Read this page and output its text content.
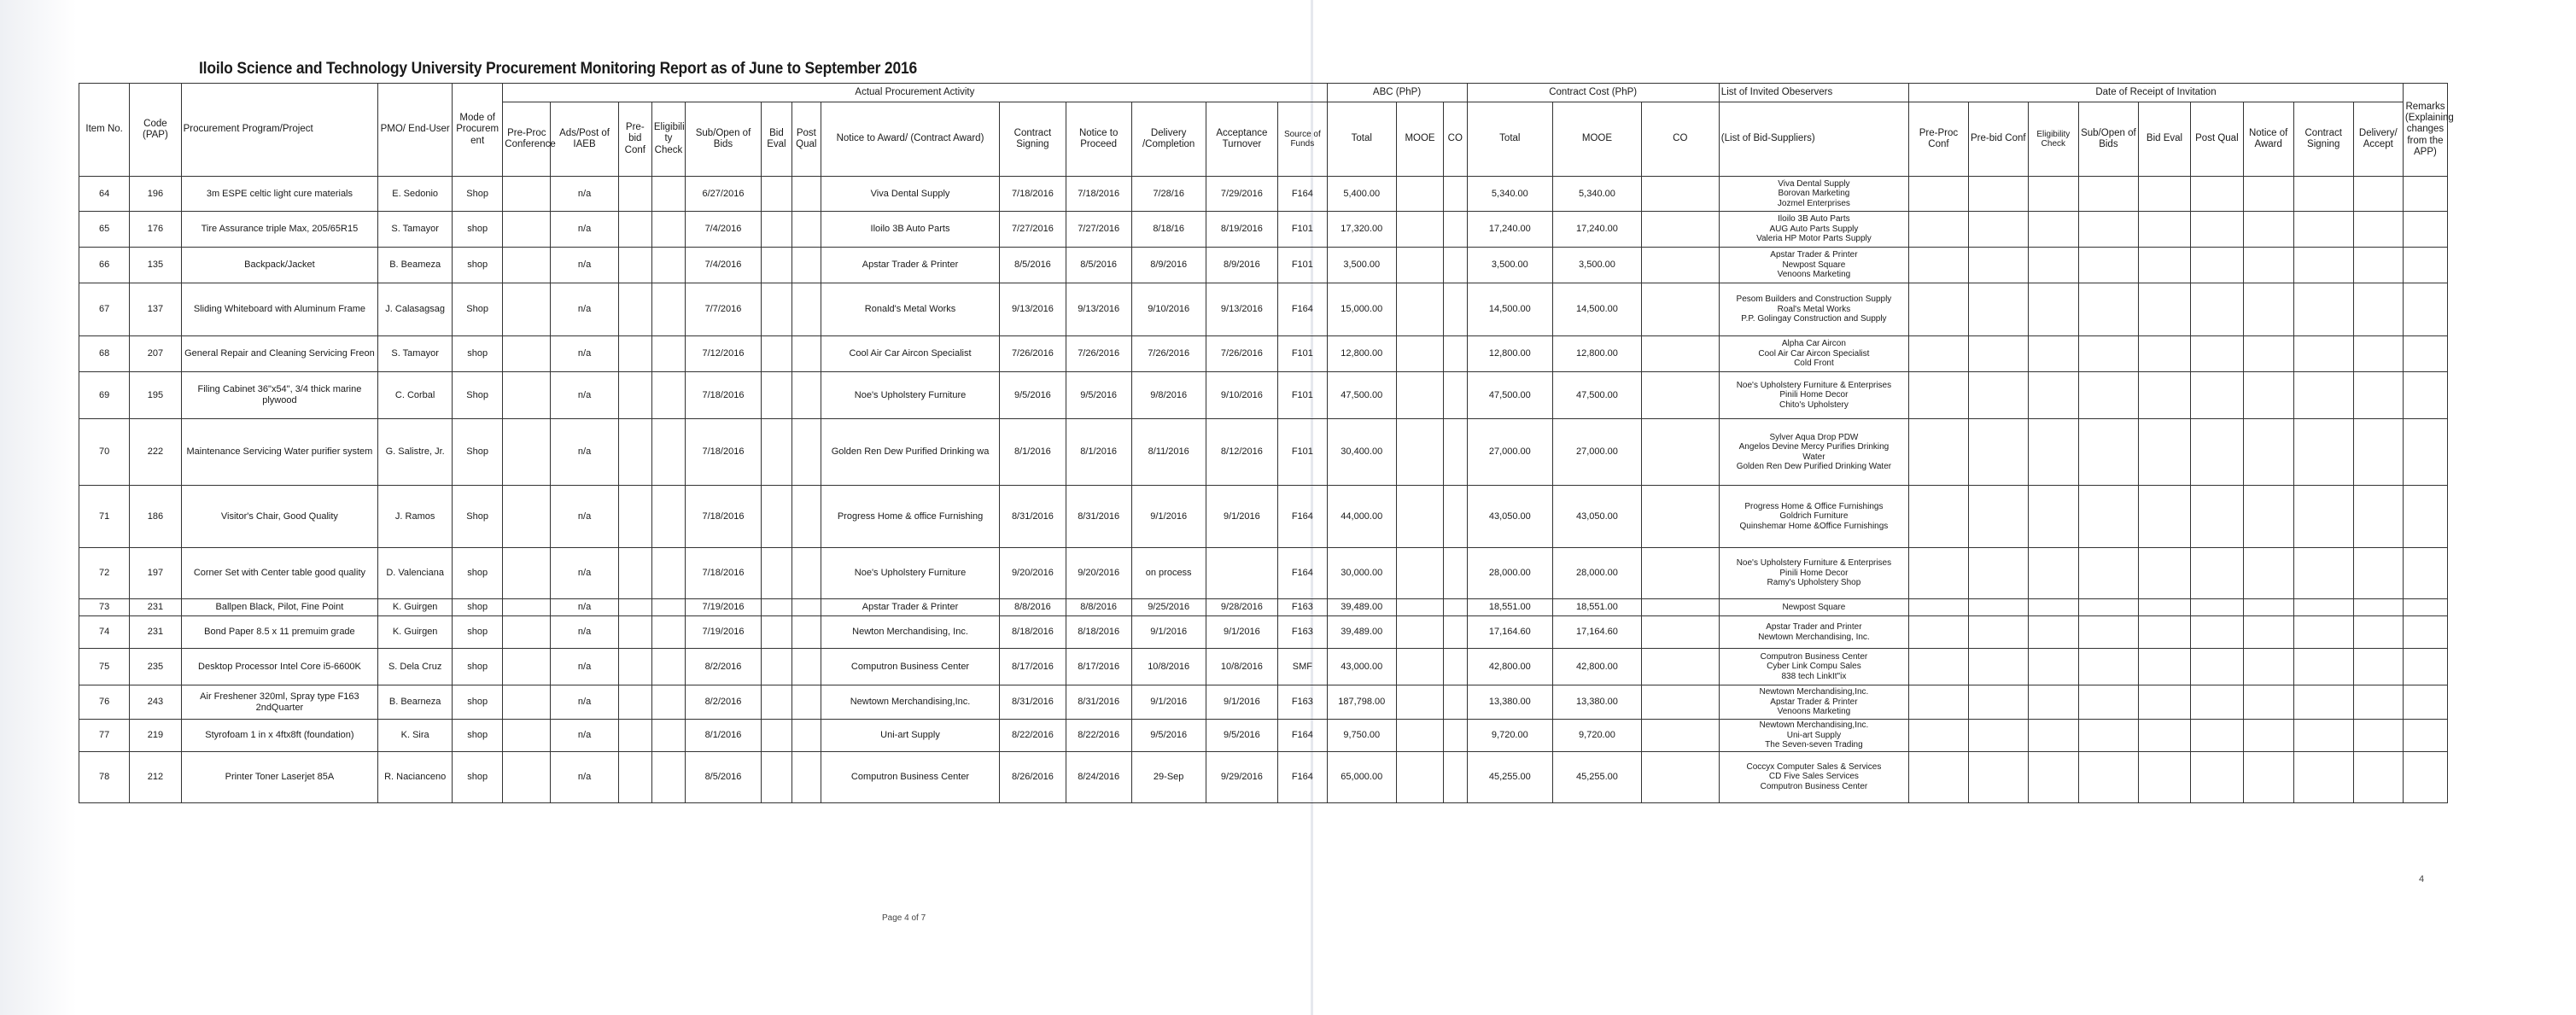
Iloilo Science and Technology University Procurement Monitoring Report as of June to September 2016
Item No.	Code (PAP)	Procurement Program/Project	PMO/ End-User	Mode of Procurem ent	Actual Procurement Activity													ABC (PhP)			Contract Cost (PhP)			List of Invited Obeservers	Date of Receipt of Invitation									Remarks (Explaining changes from the APP)
					Pre-Proc Conference	Ads/Post of IAEB	Pre-bid Conf	Eligibili ty Check	Sub/Open of Bids	Bid Eval	Post Qual	Notice to Award/ (Contract Award)	Contract Signing	Notice to Proceed	Delivery /Completion	Acceptance Turnover	Source of Funds	Total	MOOE	CO	Total	MOOE	CO	(List of Bid-Suppliers)	Pre-Proc Conf	Pre-bid Conf	Eligibility Check	Sub/Open of Bids	Bid Eval	Post Qual	Notice of Award	Contract Signing	Delivery/ Accept	
64	196	3m ESPE celtic light cure materials	E. Sedonio	Shop		n/a			6/27/2016			Viva Dental Supply	7/18/2016	7/18/2016	7/28/16	7/29/2016	F164	5,400.00			5,340.00	5,340.00		Viva Dental Supply
Borovan Marketing
Jozmel Enterprises										

65	176	Tire Assurance triple Max, 205/65R15	S. Tamayor	shop		n/a			7/4/2016			Iloilo 3B Auto Parts	7/27/2016	7/27/2016	8/18/16	8/19/2016	F101	17,320.00			17,240.00	17,240.00		Iloilo 3B Auto Parts
AUG Auto Parts Supply
Valeria HP Motor Parts Supply										

66	135	Backpack/Jacket	B. Beameza	shop		n/a			7/4/2016			Apstar Trader & Printer	8/5/2016	8/5/2016	8/9/2016	8/9/2016	F101	3,500.00			3,500.00	3,500.00		Apstar Trader & Printer
Newpost Square
Venoons Marketing										

67	137	Sliding Whiteboard with Aluminum Frame	J. Calasagsag	Shop		n/a			7/7/2016			Ronald's Metal Works	9/13/2016	9/13/2016	9/10/2016	9/13/2016	F164	15,000.00			14,500.00	14,500.00		Pesom Builders and Construction Supply
Roal's Metal Works
P.P. Golingay Construction and Supply										

68	207	General Repair and Cleaning Servicing Freon	S. Tamayor	shop		n/a			7/12/2016			Cool Air Car Aircon Specialist	7/26/2016	7/26/2016	7/26/2016	7/26/2016	F101	12,800.00			12,800.00	12,800.00		Alpha Car Aircon
Cool Air Car Aircon Specialist
Cold Front										

69	195	Filing Cabinet 36"x54", 3/4 thick marine plywood	C. Corbal	Shop		n/a			7/18/2016			Noe's Upholstery Furniture	9/5/2016	9/5/2016	9/8/2016	9/10/2016	F101	47,500.00			47,500.00	47,500.00		Noe's Upholstery Furniture & Enterprises
Pinili Home Decor
Chito's Upholstery										

70	222	Maintenance Servicing Water purifier system	G. Salistre, Jr.	Shop		n/a			7/18/2016			Golden Ren Dew Purified Drinking wa	8/1/2016	8/1/2016	8/11/2016	8/12/2016	F101	30,400.00			27,000.00	27,000.00		Sylver Aqua Drop PDW
Angelos Devine Mercy Purifies Drinking
Water
Golden Ren Dew Purified Drinking Water										

71	186	Visitor's Chair, Good Quality	J. Ramos	Shop		n/a			7/18/2016			Progress Home & office Furnishing	8/31/2016	8/31/2016	9/1/2016	9/1/2016	F164	44,000.00			43,050.00	43,050.00		Progress Home & Office Furnishings
Goldrich Furniture
Quinshemar Home &Office Furnishings										

72	197	Corner Set with Center table good quality	D. Valenciana	shop		n/a			7/18/2016			Noe's Upholstery Furniture	9/20/2016	9/20/2016	on process		F164	30,000.00			28,000.00	28,000.00		Noe's Upholstery Furniture & Enterprises
Pinili Home Decor
Ramy's Upholstery Shop										

73	231	Ballpen Black, Pilot, Fine Point	K. Guirgen	shop		n/a			7/19/2016			Apstar Trader & Printer	8/8/2016	8/8/2016	9/25/2016	9/28/2016	F163	39,489.00			18,551.00	18,551.00		Newpost Square										

74	231	Bond Paper 8.5 x 11 premuim grade	K. Guirgen	shop		n/a			7/19/2016			Newton Merchandising, Inc.	8/18/2016	8/18/2016	9/1/2016	9/1/2016	F163	39,489.00			17,164.60	17,164.60		Apstar Trader and Printer
Newtown Merchandising, Inc.										

75	235	Desktop Processor Intel Core i5-6600K	S. Dela Cruz	shop		n/a			8/2/2016			Computron Business Center	8/17/2016	8/17/2016	10/8/2016	10/8/2016	SMF	43,000.00			42,800.00	42,800.00		Computron Business Center
Cyber Link Compu Sales
838 tech LinkIt"ix										

76	243	Air Freshener 320ml, Spray type F163 2ndQuarter	B. Bearneza	shop		n/a			8/2/2016			Newtown Merchandising,Inc.	8/31/2016	8/31/2016	9/1/2016	9/1/2016	F163	187,798.00			13,380.00	13,380.00		Newtown Merchandising,Inc.
Apstar Trader & Printer
Venoons Marketing										

77	219	Styrofoam 1 in x 4ftx8ft (foundation)	K. Sira	shop		n/a			8/1/2016			Uni-art Supply	8/22/2016	8/22/2016	9/5/2016	9/5/2016	F164	9,750.00			9,720.00	9,720.00		Newtown Merchandising,Inc.
Uni-art Supply
The Seven-seven Trading										

78	212	Printer Toner Laserjet 85A	R. Nacianceno	shop		n/a			8/5/2016			Computron Business Center	8/26/2016	8/24/2016	29-Sep	9/29/2016	F164	65,000.00			45,255.00	45,255.00		Coccyx Computer Sales & Services
CD Five Sales Services
Computron Business Center										

4
Page 4 of 7
